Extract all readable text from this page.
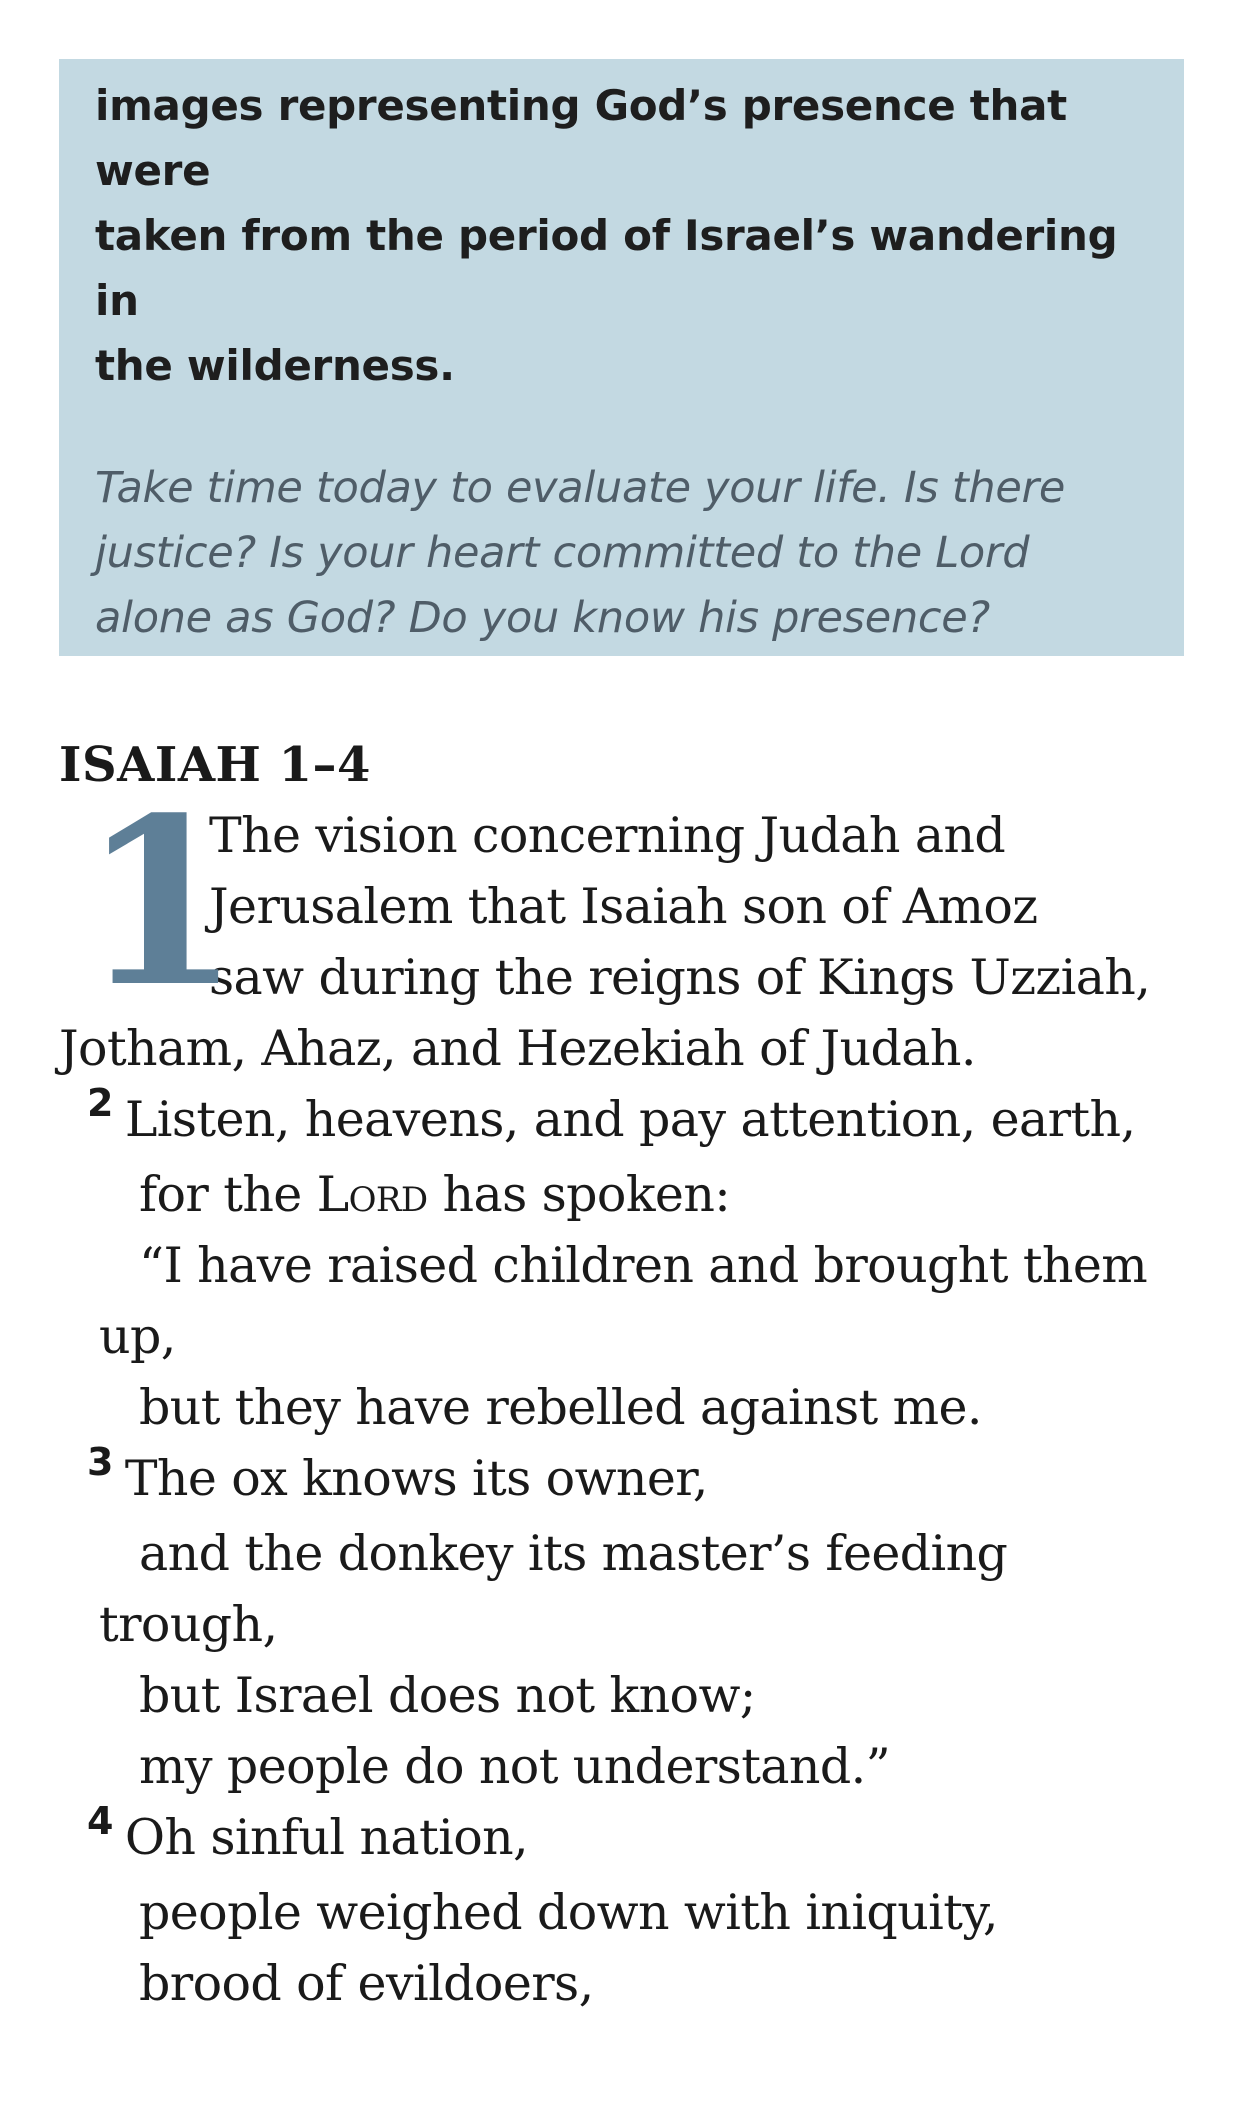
images representing God’s presence that were
taken from the period of Israel’s wandering in
the wilderness.

Take time today to evaluate your life. Is there
justice? Is your heart committed to the Lord
alone as God? Do you know his presence?

ISAIAH 1–4
1
The vision concerning Judah and
Jerusalem that Isaiah son of Amoz
saw during the reigns of Kings Uzziah,
Jotham, Ahaz, and Hezekiah of Judah.
$^2$ Listen, heavens, and pay attention, earth,
for the Lord has spoken:
“I have raised children and brought them
up,
but they have rebelled against me.
$^3$ The ox knows its owner,
and the donkey its master’s feeding
trough,
but Israel does not know;
my people do not understand.”
$^4$ Oh sinful nation,
people weighed down with iniquity,
brood of evildoers,
